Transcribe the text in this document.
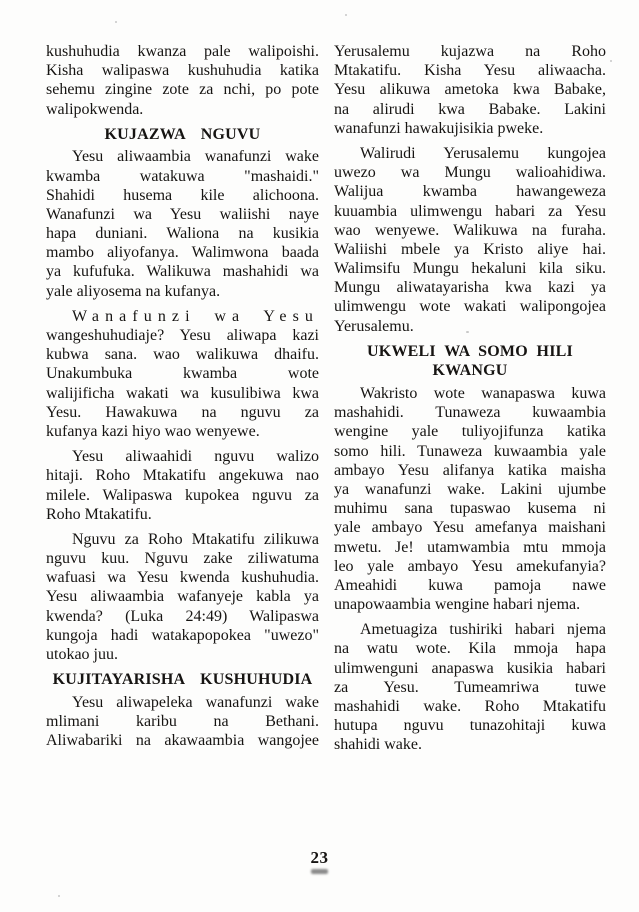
kushuhudia kwanza pale walipoishi.
Kisha walipaswa kushuhudia katika
sehemu zingine zote za nchi, po pote
walipokwenda.
KUJAZWA NGUVU
Yesu aliwaambia wanafunzi wake
kwamba watakuwa "mashaidi."
Shahidi husema kile alichoona.
Wanafunzi wa Yesu waliishi naye
hapa duniani. Waliona na kusikia
mambo aliyofanya. Walimwona baada
ya kufufuka. Walikuwa mashahidi wa
yale aliyosema na kufanya.
Wanafunzi wa Yesu
wangeshuhudiaje? Yesu aliwapa kazi
kubwa sana. wao walikuwa dhaifu.
Unakumbuka kwamba wote
walijificha wakati wa kusulibiwa kwa
Yesu. Hawakuwa na nguvu za
kufanya kazi hiyo wao wenyewe.
Yesu aliwaahidi nguvu walizo
hitaji. Roho Mtakatifu angekuwa nao
milele. Walipaswa kupokea nguvu za
Roho Mtakatifu.
Nguvu za Roho Mtakatifu zilikuwa
nguvu kuu. Nguvu zake ziliwatuma
wafuasi wa Yesu kwenda kushuhudia.
Yesu aliwaambia wafanyeje kabla ya
kwenda? (Luka 24:49) Walipaswa
kungoja hadi watakapopokea "uwezo"
utokao juu.
KUJITAYARISHA KUSHUHUDIA
Yesu aliwapeleka wanafunzi wake
mlimani karibu na Bethani.
Aliwabariki na akawaambia wangojee
Yerusalemu kujazwa na Roho
Mtakatifu. Kisha Yesu aliwaacha.
Yesu alikuwa ametoka kwa Babake,
na alirudi kwa Babake. Lakini
wanafunzi hawakujisikia pweke.
Walirudi Yerusalemu kungojea
uwezo wa Mungu walioahidiwa.
Walijua kwamba hawangeweza
kuuambia ulimwengu habari za Yesu
wao wenyewe. Walikuwa na furaha.
Waliishi mbele ya Kristo aliye hai.
Walimsifu Mungu hekaluni kila siku.
Mungu aliwatayarisha kwa kazi ya
ulimwengu wote wakati walipongojea
Yerusalemu.
UKWELI WA SOMO HILI
KWANGU
Wakristo wote wanapaswa kuwa
mashahidi. Tunaweza kuwaambia
wengine yale tuliyojifunza katika
somo hili. Tunaweza kuwaambia yale
ambayo Yesu alifanya katika maisha
ya wanafunzi wake. Lakini ujumbe
muhimu sana tupaswao kusema ni
yale ambayo Yesu amefanya maishani
mwetu. Je! utamwambia mtu mmoja
leo yale ambayo Yesu amekufanyia?
Ameahidi kuwa pamoja nawe
unapowaambia wengine habari njema.
Ametuagiza tushiriki habari njema
na watu wote. Kila mmoja hapa
ulimwenguni anapaswa kusikia habari
za Yesu. Tumeamriwa tuwe
mashahidi wake. Roho Mtakatifu
hutupa nguvu tunazohitaji kuwa
shahidi wake.
23
